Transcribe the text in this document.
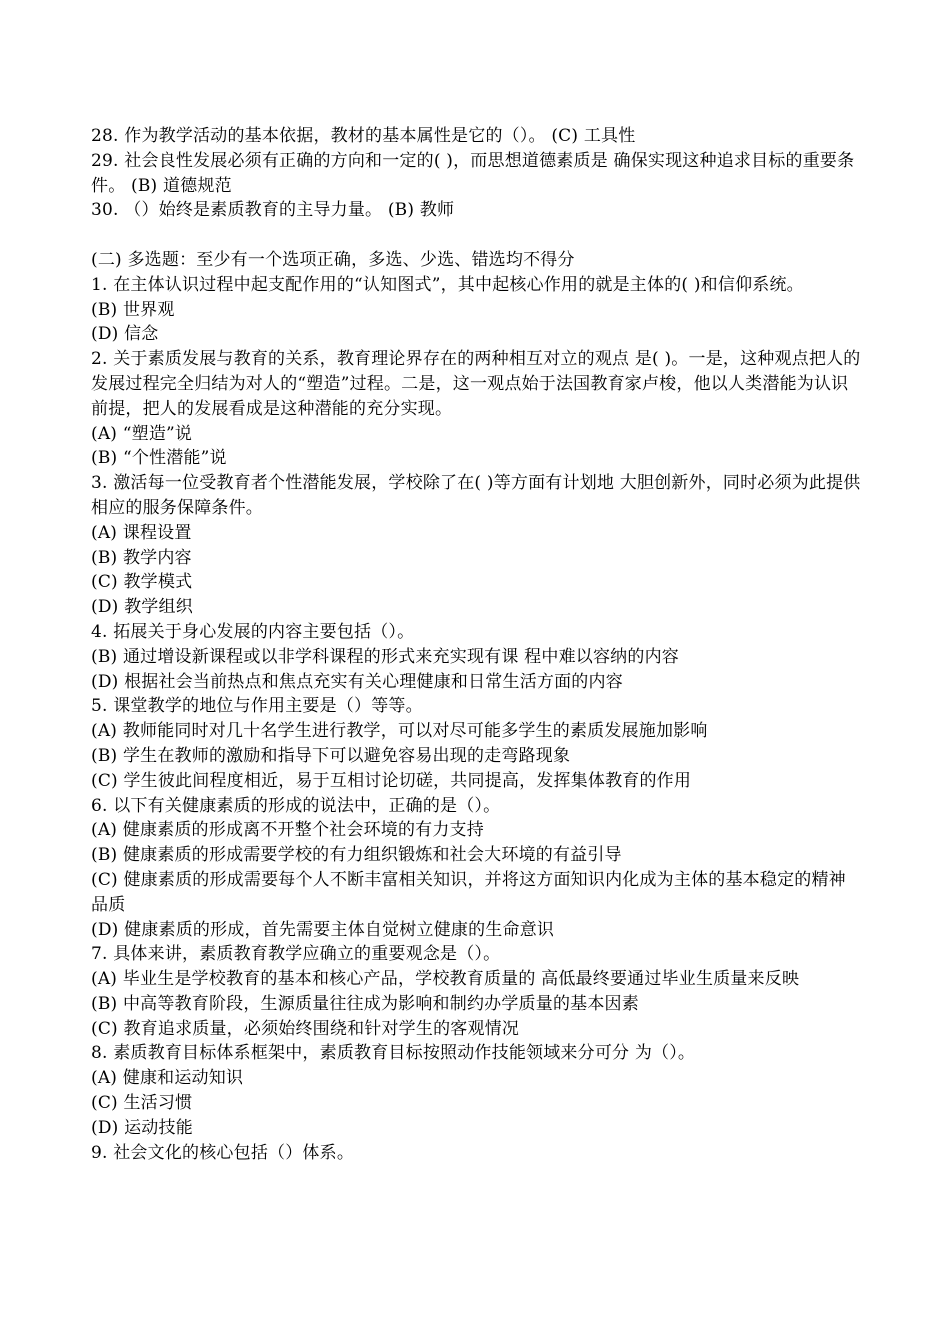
28. 作为教学活动的基本依据，教材的基本属性是它的（）。 (C) 工具性
29. 社会良性发展必须有正确的方向和一定的( )，而思想道德素质是 确保实现这种追求目标的重要条件。 (B) 道德规范
30. （）始终是素质教育的主导力量。 (B) 教师
(二) 多选题：至少有一个选项正确，多选、少选、错选均不得分
1. 在主体认识过程中起支配作用的“认知图式”，其中起核心作用的就是主体的( )和信仰系统。
(B) 世界观
(D) 信念
2. 关于素质发展与教育的关系，教育理论界存在的两种相互对立的观点 是( )。一是，这种观点把人的发展过程完全归结为对人的“塑造”过程。二是，这一观点始于法国教育家卢梭，他以人类潜能为认识前提，把人的发展看成是这种潜能的充分实现。
(A) “塑造”说
(B) “个性潜能”说
3. 激活每一位受教育者个性潜能发展，学校除了在( )等方面有计划地 大胆创新外，同时必须为此提供相应的服务保障条件。
(A) 课程设置
(B) 教学内容
(C) 教学模式
(D) 教学组织
4. 拓展关于身心发展的内容主要包括（）。
(B) 通过增设新课程或以非学科课程的形式来充实现有课 程中难以容纳的内容
(D) 根据社会当前热点和焦点充实有关心理健康和日常生活方面的内容
5. 课堂教学的地位与作用主要是（）等等。
(A) 教师能同时对几十名学生进行教学，可以对尽可能多学生的素质发展施加影响
(B) 学生在教师的激励和指导下可以避免容易出现的走弯路现象
(C) 学生彼此间程度相近，易于互相讨论切磋，共同提高，发挥集体教育的作用
6. 以下有关健康素质的形成的说法中，正确的是（）。
(A) 健康素质的形成离不开整个社会环境的有力支持
(B) 健康素质的形成需要学校的有力组织锻炼和社会大环境的有益引导
(C) 健康素质的形成需要每个人不断丰富相关知识，并将这方面知识内化成为主体的基本稳定的精神品质
(D) 健康素质的形成，首先需要主体自觉树立健康的生命意识
7. 具体来讲，素质教育教学应确立的重要观念是（）。
(A) 毕业生是学校教育的基本和核心产品，学校教育质量的 高低最终要通过毕业生质量来反映
(B) 中高等教育阶段，生源质量往往成为影响和制约办学质量的基本因素
(C) 教育追求质量，必须始终围绕和针对学生的客观情况
8. 素质教育目标体系框架中，素质教育目标按照动作技能领域来分可分 为（）。
(A) 健康和运动知识
(C) 生活习惯
(D) 运动技能
9. 社会文化的核心包括（）体系。
